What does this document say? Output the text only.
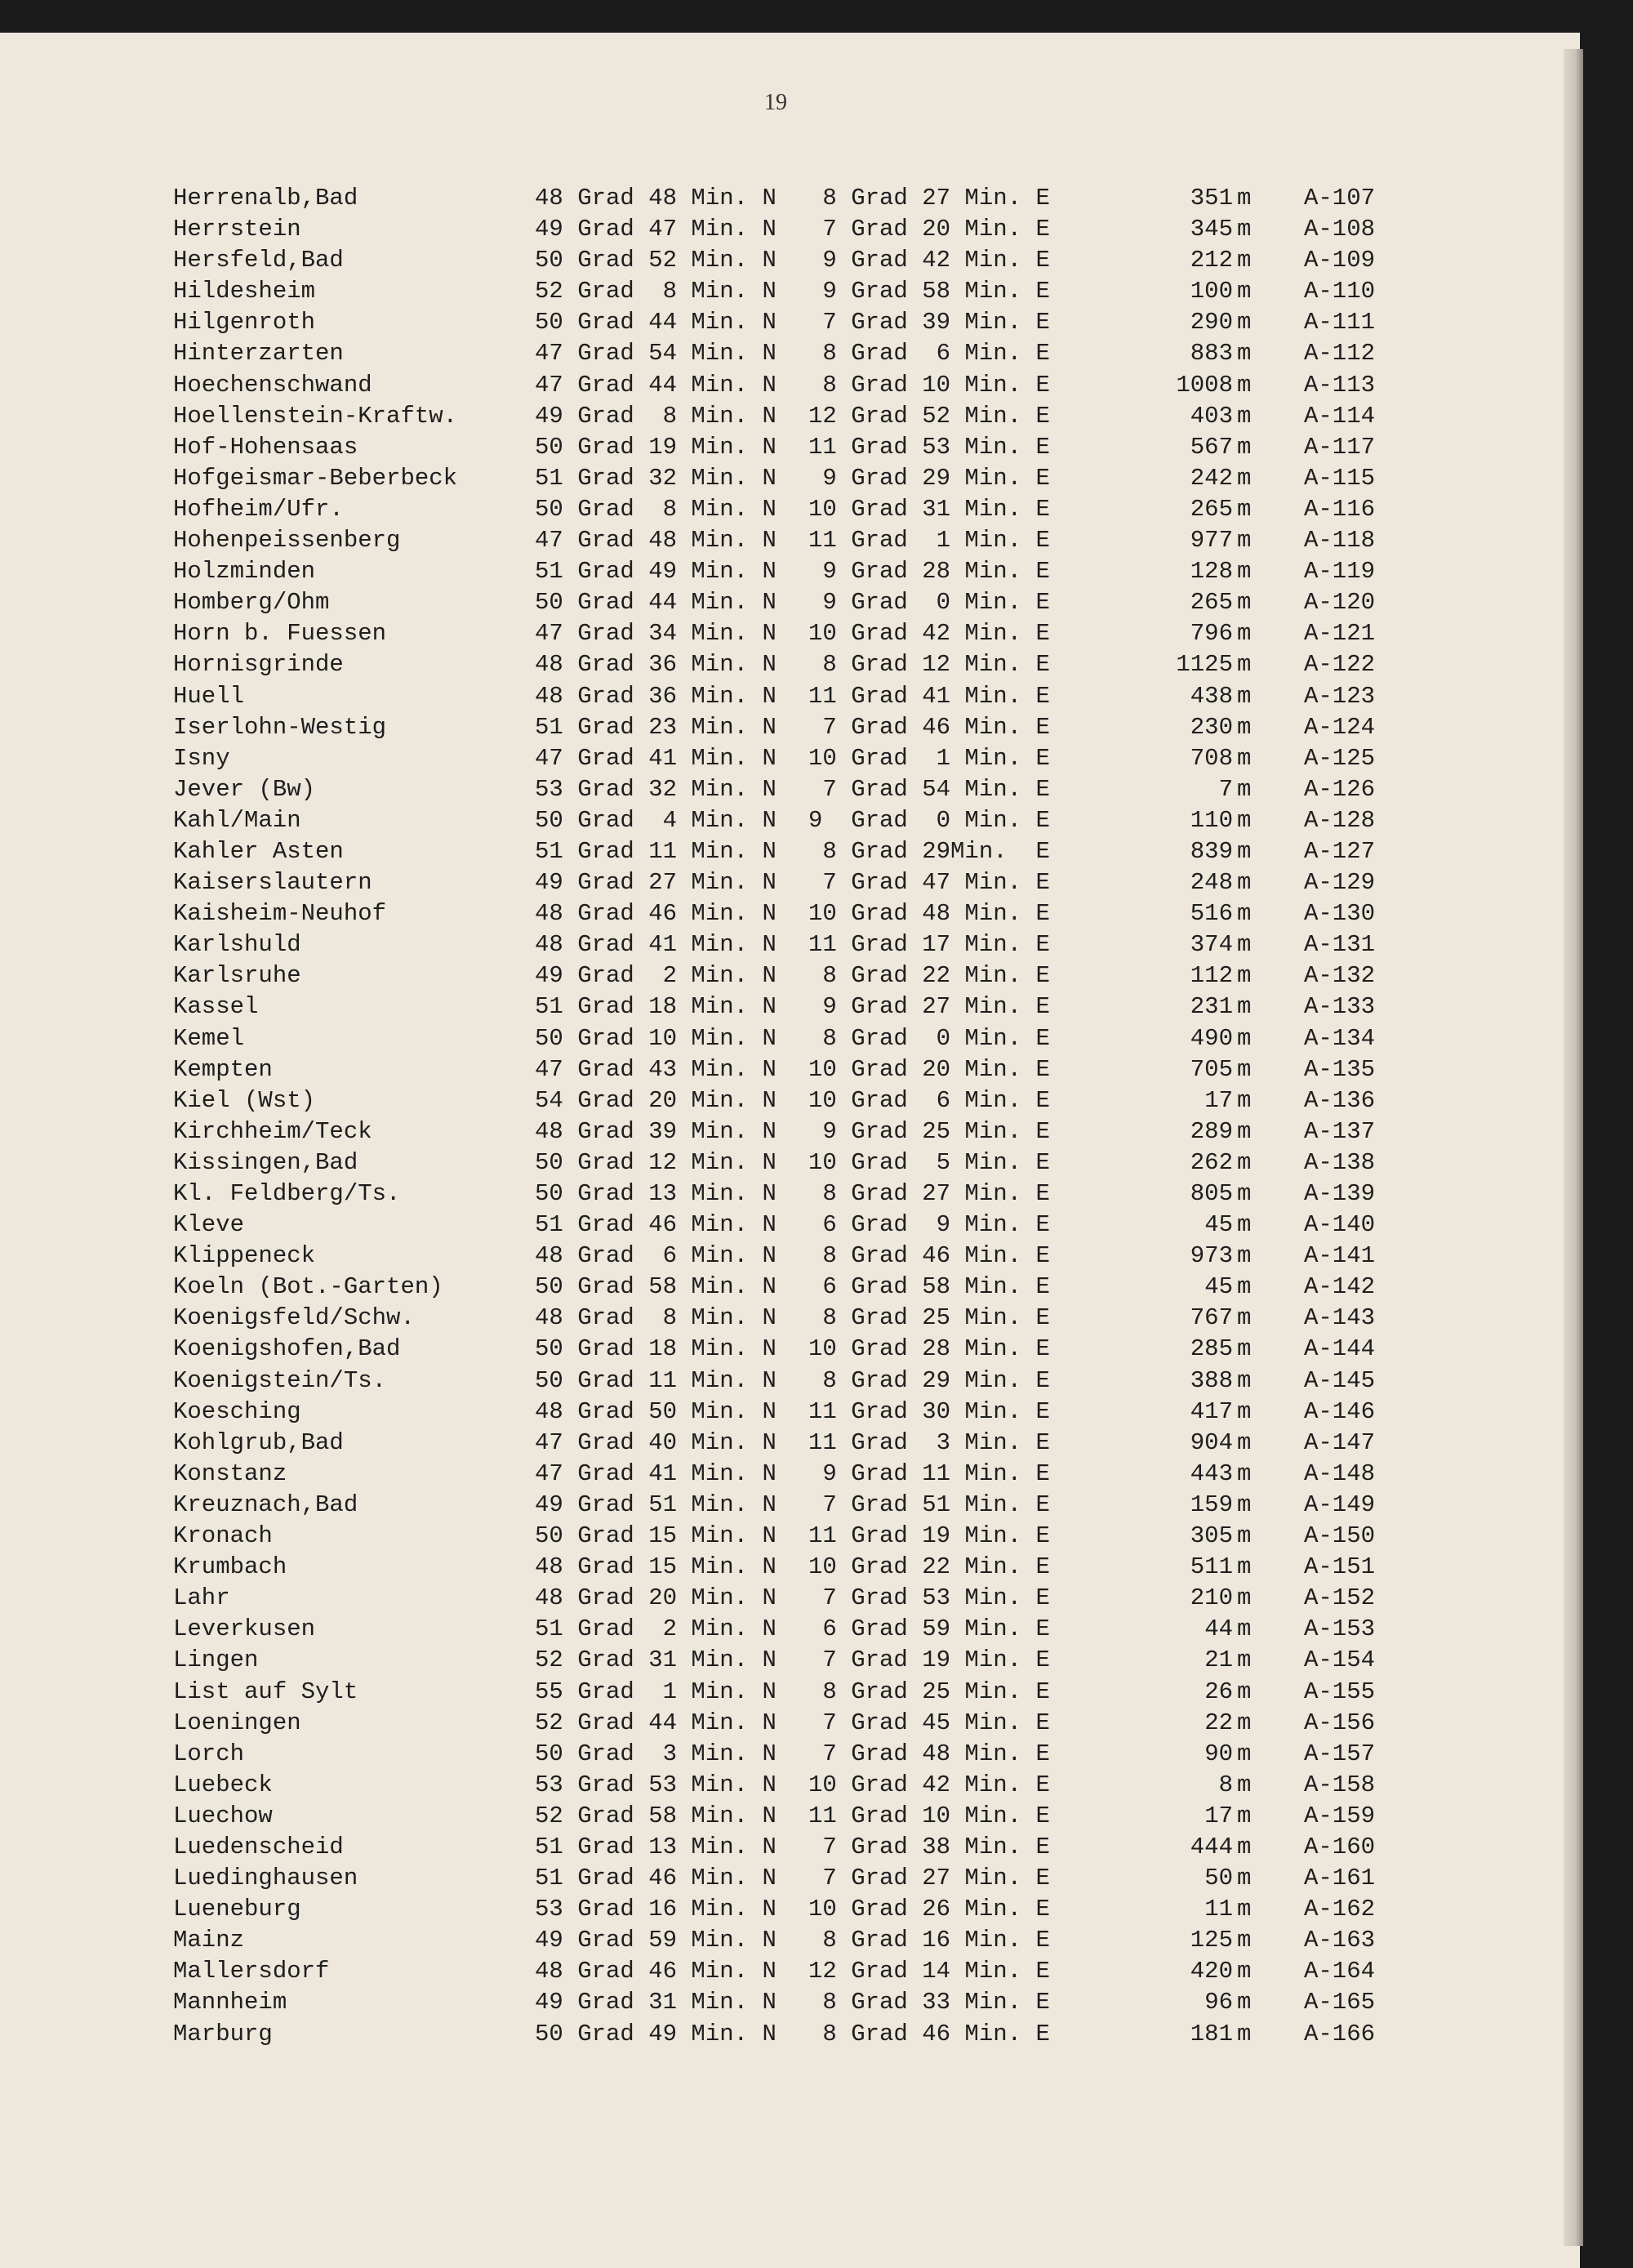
19
Herrenalb,Bad	48 Grad 48 Min. N 8 Grad 27 Min. E	351 m A-107
Herrstein	49 Grad 47 Min. N 7 Grad 20 Min. E	345 m A-108
Hersfeld,Bad	50 Grad 52 Min. N 9 Grad 42 Min. E	212 m A-109
Hildesheim	52 Grad  8 Min. N 9 Grad 58 Min. E	100 m A-110
Hilgenroth	50 Grad 44 Min. N 7 Grad 39 Min. E	290 m A-111
Hinterzarten	47 Grad 54 Min. N 8 Grad  6 Min. E	883 m A-112
Hoechenschwand	47 Grad 44 Min. N 8 Grad 10 Min. E	1008 m A-113
Hoellenstein-Kraftw.	49 Grad  8 Min. N 12 Grad 52 Min. E	403 m A-114
Hof-Hohensaas	50 Grad 19 Min. N 11 Grad 53 Min. E	567 m A-117
Hofgeismar-Beberbeck	51 Grad 32 Min. N 9 Grad 29 Min. E	242 m A-115
Hofheim/Ufr.	50 Grad  8 Min. N 10 Grad 31 Min. E	265 m A-116
Hohenpeissenberg	47 Grad 48 Min. N 11 Grad  1 Min. E	977 m A-118
Holzminden	51 Grad 49 Min. N 9 Grad 28 Min. E	128 m A-119
Homberg/Ohm	50 Grad 44 Min. N 9 Grad  0 Min. E	265 m A-120
Horn b. Fuessen	47 Grad 34 Min. N 10 Grad 42 Min. E	796 m A-121
Hornisgrinde	48 Grad 36 Min. N 8 Grad 12 Min. E	1125 m A-122
Huell	48 Grad 36 Min. N 11 Grad 41 Min. E	438 m A-123
Iserlohn-Westig	51 Grad 23 Min. N 7 Grad 46 Min. E	230 m A-124
Isny	47 Grad 41 Min. N 10 Grad  1 Min. E	708 m A-125
Jever (Bw)	53 Grad 32 Min. N 7 Grad 54 Min. E	7 m A-126
Kahl/Main	50 Grad  4 Min. N 9  Grad  0 Min. E	110 m A-128
Kahler Asten	51 Grad 11 Min. N 8 Grad 29Min.  E	839 m A-127
Kaiserslautern	49 Grad 27 Min. N 7 Grad 47 Min. E	248 m A-129
Kaisheim-Neuhof	48 Grad 46 Min. N 10 Grad 48 Min. E	516 m A-130
Karlshuld	48 Grad 41 Min. N 11 Grad 17 Min. E	374 m A-131
Karlsruhe	49 Grad  2 Min. N 8 Grad 22 Min. E	112 m A-132
Kassel	51 Grad 18 Min. N 9 Grad 27 Min. E	231 m A-133
Kemel	50 Grad 10 Min. N 8 Grad  0 Min. E	490 m A-134
Kempten	47 Grad 43 Min. N 10 Grad 20 Min. E	705 m A-135
Kiel (Wst)	54 Grad 20 Min. N 10 Grad  6 Min. E	17 m A-136
Kirchheim/Teck	48 Grad 39 Min. N 9 Grad 25 Min. E	289 m A-137
Kissingen,Bad	50 Grad 12 Min. N 10 Grad  5 Min. E	262 m A-138
Kl. Feldberg/Ts.	50 Grad 13 Min. N 8 Grad 27 Min. E	805 m A-139
Kleve	51 Grad 46 Min. N 6 Grad  9 Min. E	45 m A-140
Klippeneck	48 Grad  6 Min. N 8 Grad 46 Min. E	973 m A-141
Koeln (Bot.-Garten)	50 Grad 58 Min. N 6 Grad 58 Min. E	45 m A-142
Koenigsfeld/Schw.	48 Grad  8 Min. N 8 Grad 25 Min. E	767 m A-143
Koenigshofen,Bad	50 Grad 18 Min. N 10 Grad 28 Min. E	285 m A-144
Koenigstein/Ts.	50 Grad 11 Min. N 8 Grad 29 Min. E	388 m A-145
Koesching	48 Grad 50 Min. N 11 Grad 30 Min. E	417 m A-146
Kohlgrub,Bad	47 Grad 40 Min. N 11 Grad  3 Min. E	904 m A-147
Konstanz	47 Grad 41 Min. N 9 Grad 11 Min. E	443 m A-148
Kreuznach,Bad	49 Grad 51 Min. N 7 Grad 51 Min. E	159 m A-149
Kronach	50 Grad 15 Min. N 11 Grad 19 Min. E	305 m A-150
Krumbach	48 Grad 15 Min. N 10 Grad 22 Min. E	511 m A-151
Lahr	48 Grad 20 Min. N 7 Grad 53 Min. E	210 m A-152
Leverkusen	51 Grad  2 Min. N 6 Grad 59 Min. E	44 m A-153
Lingen	52 Grad 31 Min. N 7 Grad 19 Min. E	21 m A-154
List auf Sylt	55 Grad  1 Min. N 8 Grad 25 Min. E	26 m A-155
Loeningen	52 Grad 44 Min. N 7 Grad 45 Min. E	22 m A-156
Lorch	50 Grad  3 Min. N 7 Grad 48 Min. E	90 m A-157
Luebeck	53 Grad 53 Min. N 10 Grad 42 Min. E	8 m A-158
Luechow	52 Grad 58 Min. N 11 Grad 10 Min. E	17 m A-159
Luedenscheid	51 Grad 13 Min. N 7 Grad 38 Min. E	444 m A-160
Luedinghausen	51 Grad 46 Min. N 7 Grad 27 Min. E	50 m A-161
Lueneburg	53 Grad 16 Min. N 10 Grad 26 Min. E	11 m A-162
Mainz	49 Grad 59 Min. N 8 Grad 16 Min. E	125 m A-163
Mallersdorf	48 Grad 46 Min. N 12 Grad 14 Min. E	420 m A-164
Mannheim	49 Grad 31 Min. N 8 Grad 33 Min. E	96 m A-165
Marburg	50 Grad 49 Min. N 8 Grad 46 Min. E	181 m A-166
